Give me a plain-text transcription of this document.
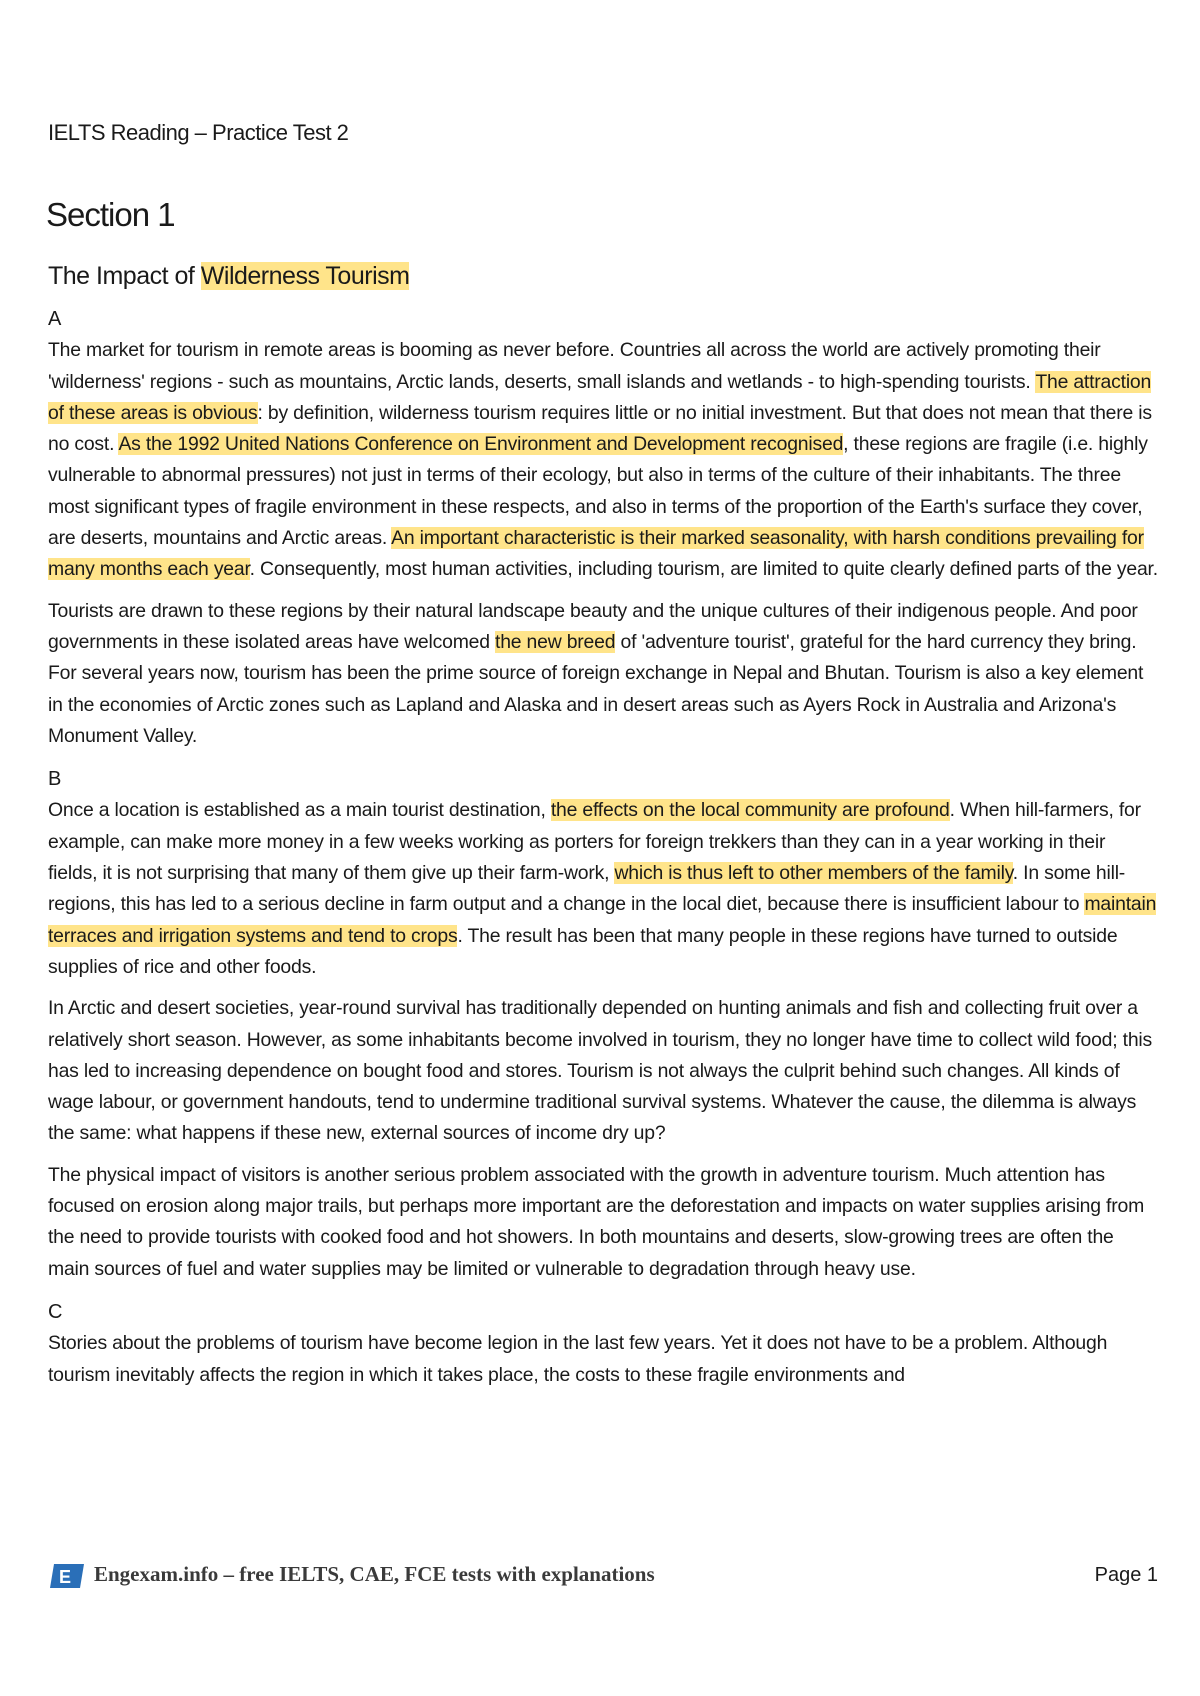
IELTS Reading – Practice Test 2
Section 1
The Impact of Wilderness Tourism
A

The market for tourism in remote areas is booming as never before. Countries all across the world are actively promoting their 'wilderness' regions - such as mountains, Arctic lands, deserts, small islands and wetlands - to high-spending tourists. The attraction of these areas is obvious: by definition, wilderness tourism requires little or no initial investment. But that does not mean that there is no cost. As the 1992 United Nations Conference on Environment and Development recognised, these regions are fragile (i.e. highly vulnerable to abnormal pressures) not just in terms of their ecology, but also in terms of the culture of their inhabitants. The three most significant types of fragile environment in these respects, and also in terms of the proportion of the Earth's surface they cover, are deserts, mountains and Arctic areas. An important characteristic is their marked seasonality, with harsh conditions prevailing for many months each year. Consequently, most human activities, including tourism, are limited to quite clearly defined parts of the year.

Tourists are drawn to these regions by their natural landscape beauty and the unique cultures of their indigenous people. And poor governments in these isolated areas have welcomed the new breed of 'adventure tourist', grateful for the hard currency they bring. For several years now, tourism has been the prime source of foreign exchange in Nepal and Bhutan. Tourism is also a key element in the economies of Arctic zones such as Lapland and Alaska and in desert areas such as Ayers Rock in Australia and Arizona's Monument Valley.

B

Once a location is established as a main tourist destination, the effects on the local community are profound. When hill-farmers, for example, can make more money in a few weeks working as porters for foreign trekkers than they can in a year working in their fields, it is not surprising that many of them give up their farm-work, which is thus left to other members of the family. In some hill-regions, this has led to a serious decline in farm output and a change in the local diet, because there is insufficient labour to maintain terraces and irrigation systems and tend to crops. The result has been that many people in these regions have turned to outside supplies of rice and other foods.

In Arctic and desert societies, year-round survival has traditionally depended on hunting animals and fish and collecting fruit over a relatively short season. However, as some inhabitants become involved in tourism, they no longer have time to collect wild food; this has led to increasing dependence on bought food and stores. Tourism is not always the culprit behind such changes. All kinds of wage labour, or government handouts, tend to undermine traditional survival systems. Whatever the cause, the dilemma is always the same: what happens if these new, external sources of income dry up?

The physical impact of visitors is another serious problem associated with the growth in adventure tourism. Much attention has focused on erosion along major trails, but perhaps more important are the deforestation and impacts on water supplies arising from the need to provide tourists with cooked food and hot showers. In both mountains and deserts, slow-growing trees are often the main sources of fuel and water supplies may be limited or vulnerable to degradation through heavy use.

C

Stories about the problems of tourism have become legion in the last few years. Yet it does not have to be a problem. Although tourism inevitably affects the region in which it takes place, the costs to these fragile environments and

E Engexam.info – free IELTS, CAE, FCE tests with explanations	Page 1
